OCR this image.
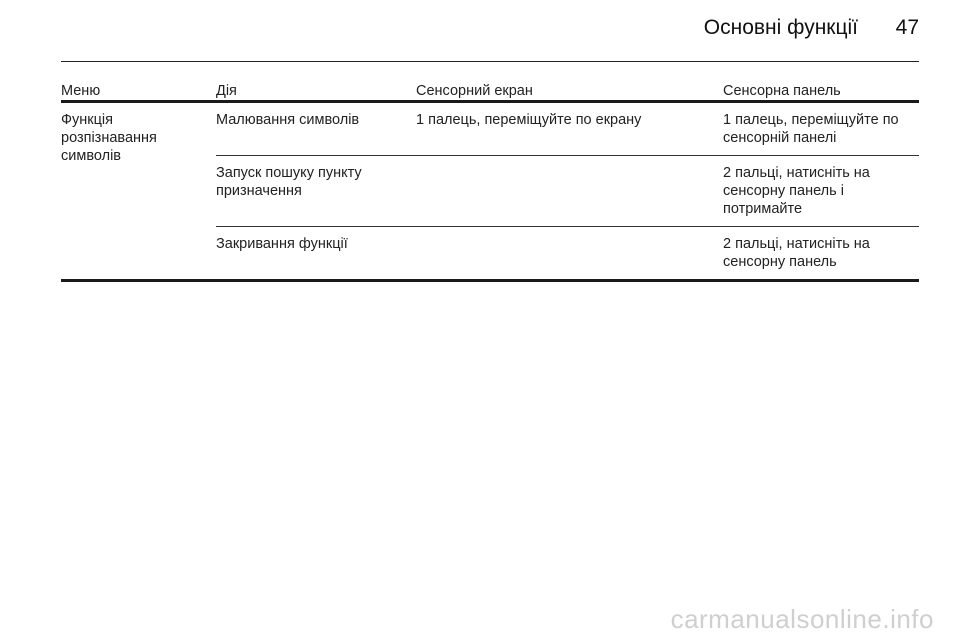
Основні функції 47
Меню	Дія	Сенсорний екран	Сенсорна панель

Функція розпізнавання символів	Малювання символів	1 палець, переміщуйте по екрану	1 палець, переміщуйте по сенсорній панелі

	Запуск пошуку пункту призначення		2 пальці, натисніть на сенсорну панель і потримайте

	Закривання функції		2 пальці, натисніть на сенсорну панель
carmanualsonline.info
